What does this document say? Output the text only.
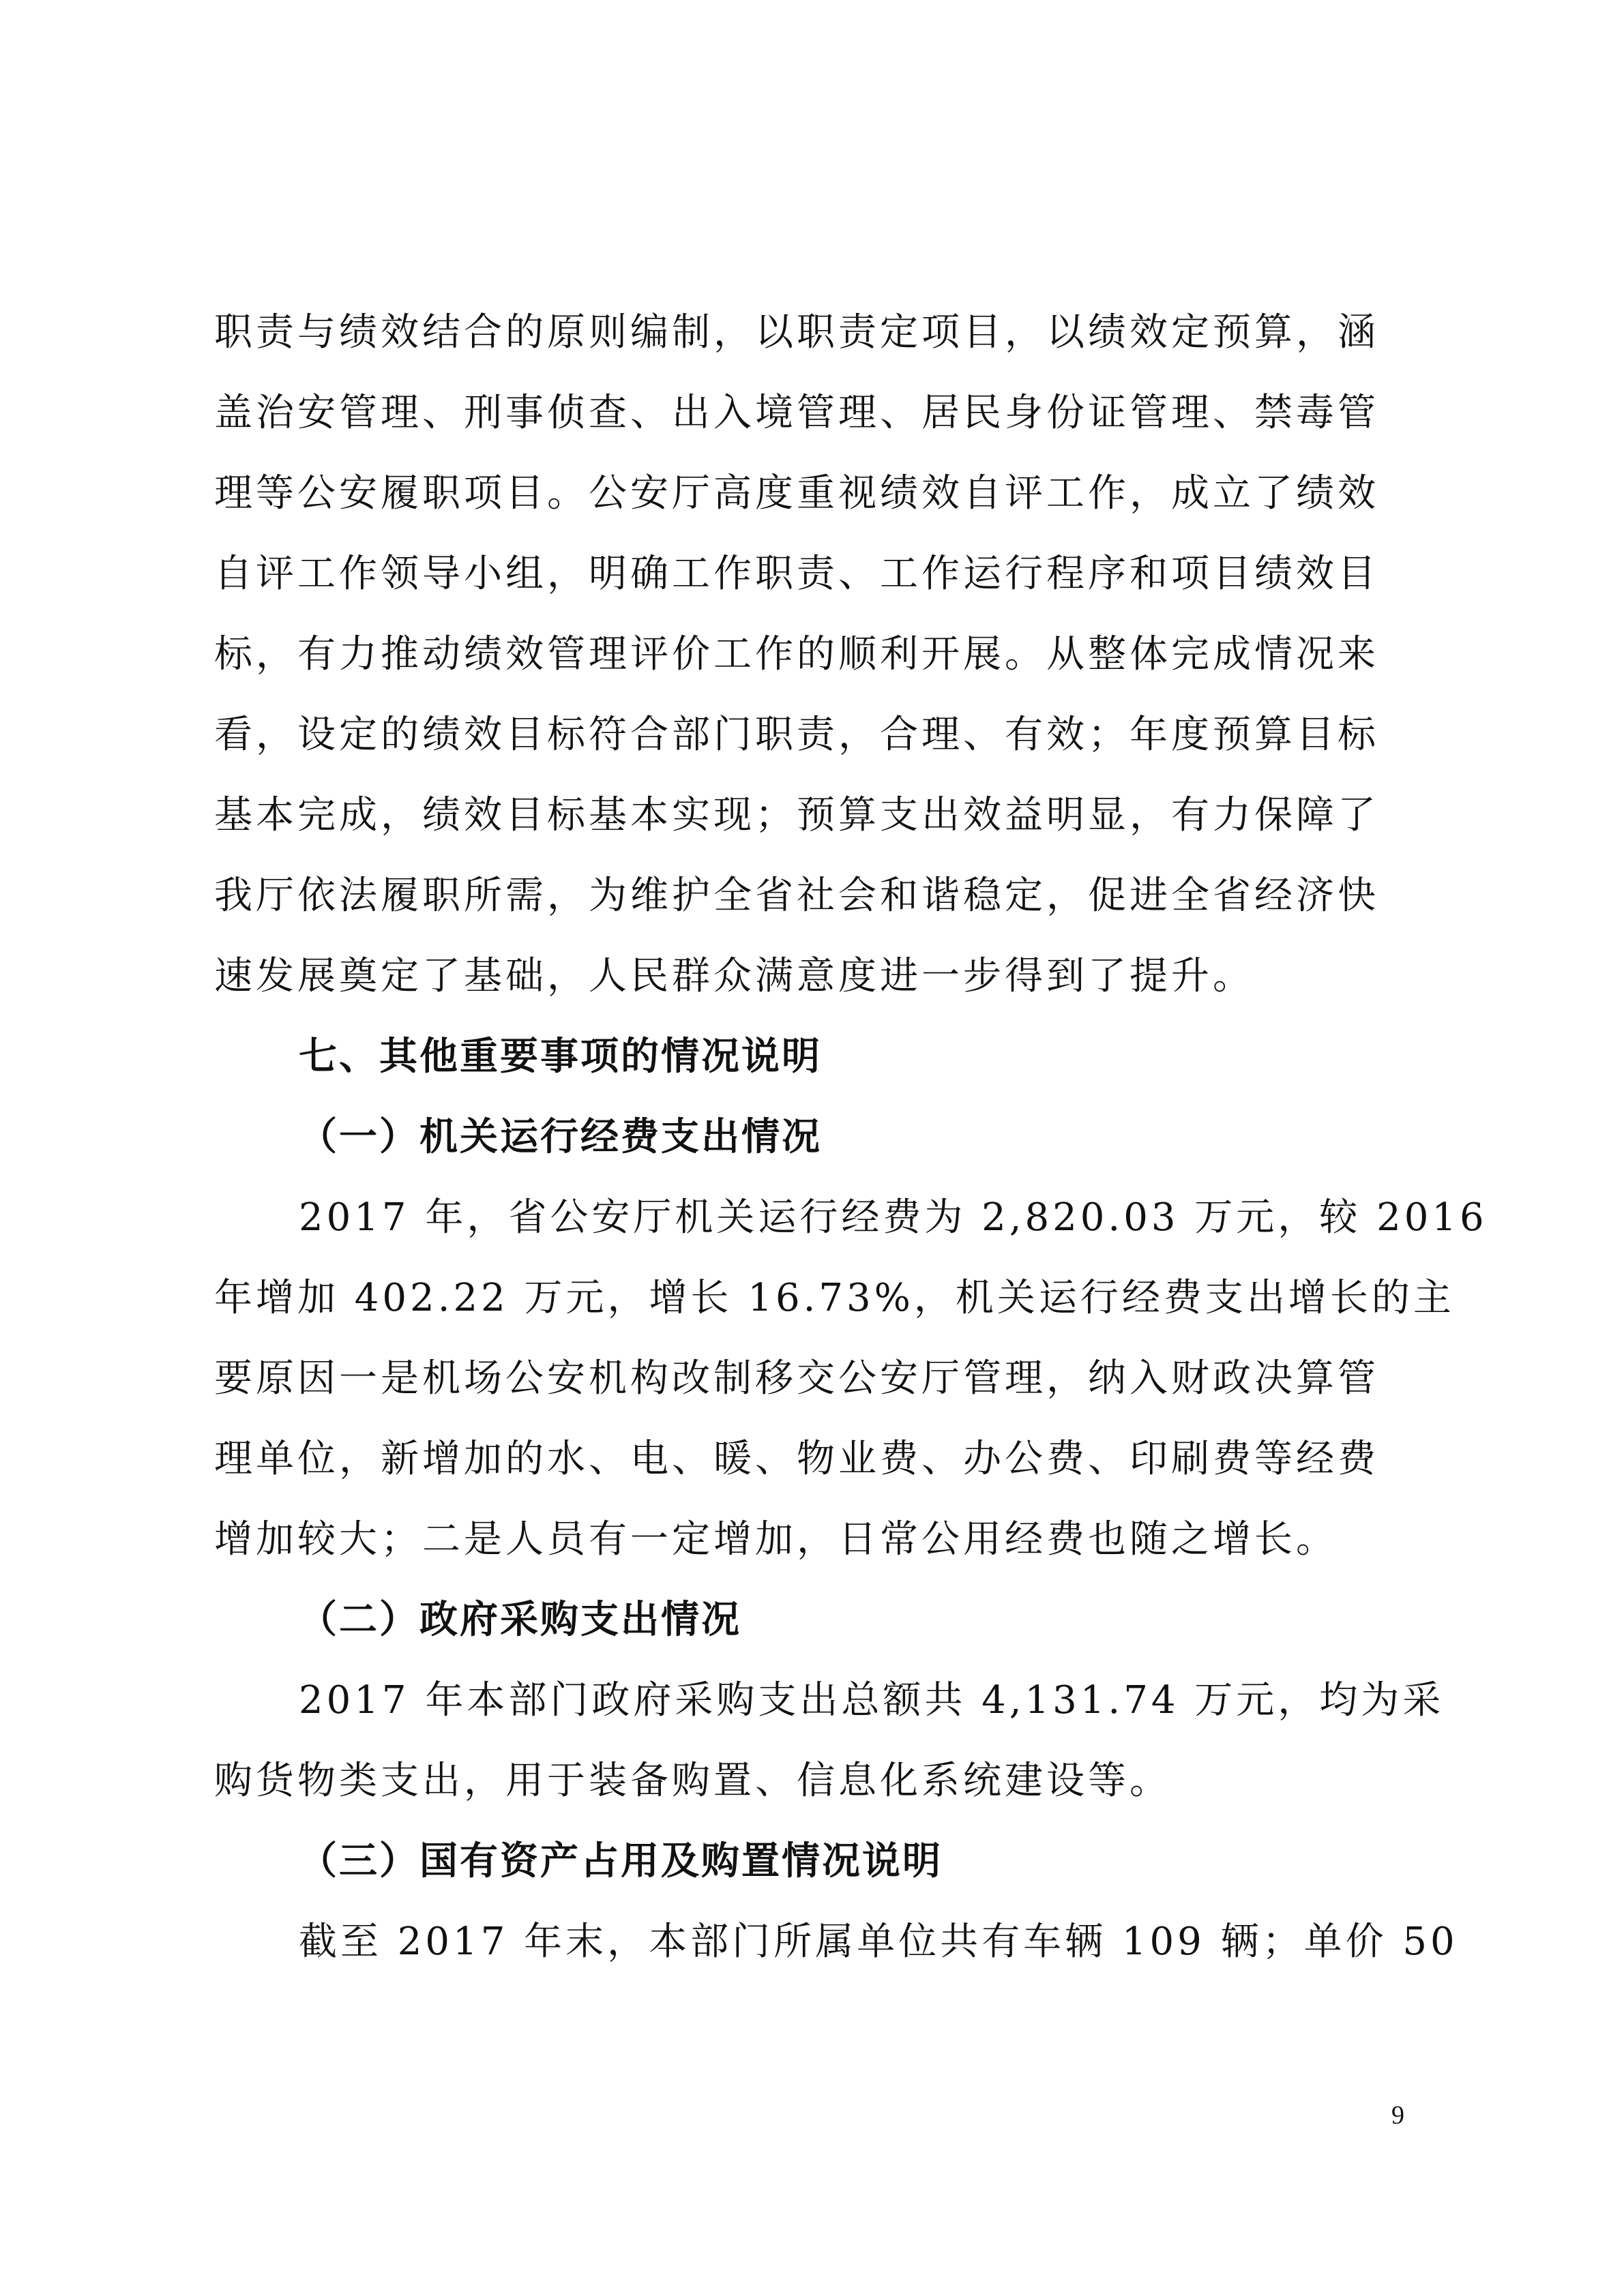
职责与绩效结合的原则编制，以职责定项目，以绩效定预算，涵
盖治安管理、刑事侦查、出入境管理、居民身份证管理、禁毒管
理等公安履职项目。公安厅高度重视绩效自评工作，成立了绩效
自评工作领导小组，明确工作职责、工作运行程序和项目绩效目
标，有力推动绩效管理评价工作的顺利开展。从整体完成情况来
看，设定的绩效目标符合部门职责，合理、有效；年度预算目标
基本完成，绩效目标基本实现；预算支出效益明显，有力保障了
我厅依法履职所需，为维护全省社会和谐稳定，促进全省经济快
速发展奠定了基础，人民群众满意度进一步得到了提升。
七、其他重要事项的情况说明
（一）机关运行经费支出情况
2017 年，省公安厅机关运行经费为 2,820.03 万元，较 2016
年增加 402.22 万元，增长 16.73%，机关运行经费支出增长的主
要原因一是机场公安机构改制移交公安厅管理，纳入财政决算管
理单位，新增加的水、电、暖、物业费、办公费、印刷费等经费
增加较大；二是人员有一定增加，日常公用经费也随之增长。
（二）政府采购支出情况
2017 年本部门政府采购支出总额共 4,131.74 万元，均为采
购货物类支出，用于装备购置、信息化系统建设等。
（三）国有资产占用及购置情况说明
截至 2017 年末，本部门所属单位共有车辆 109 辆；单价 50
9
